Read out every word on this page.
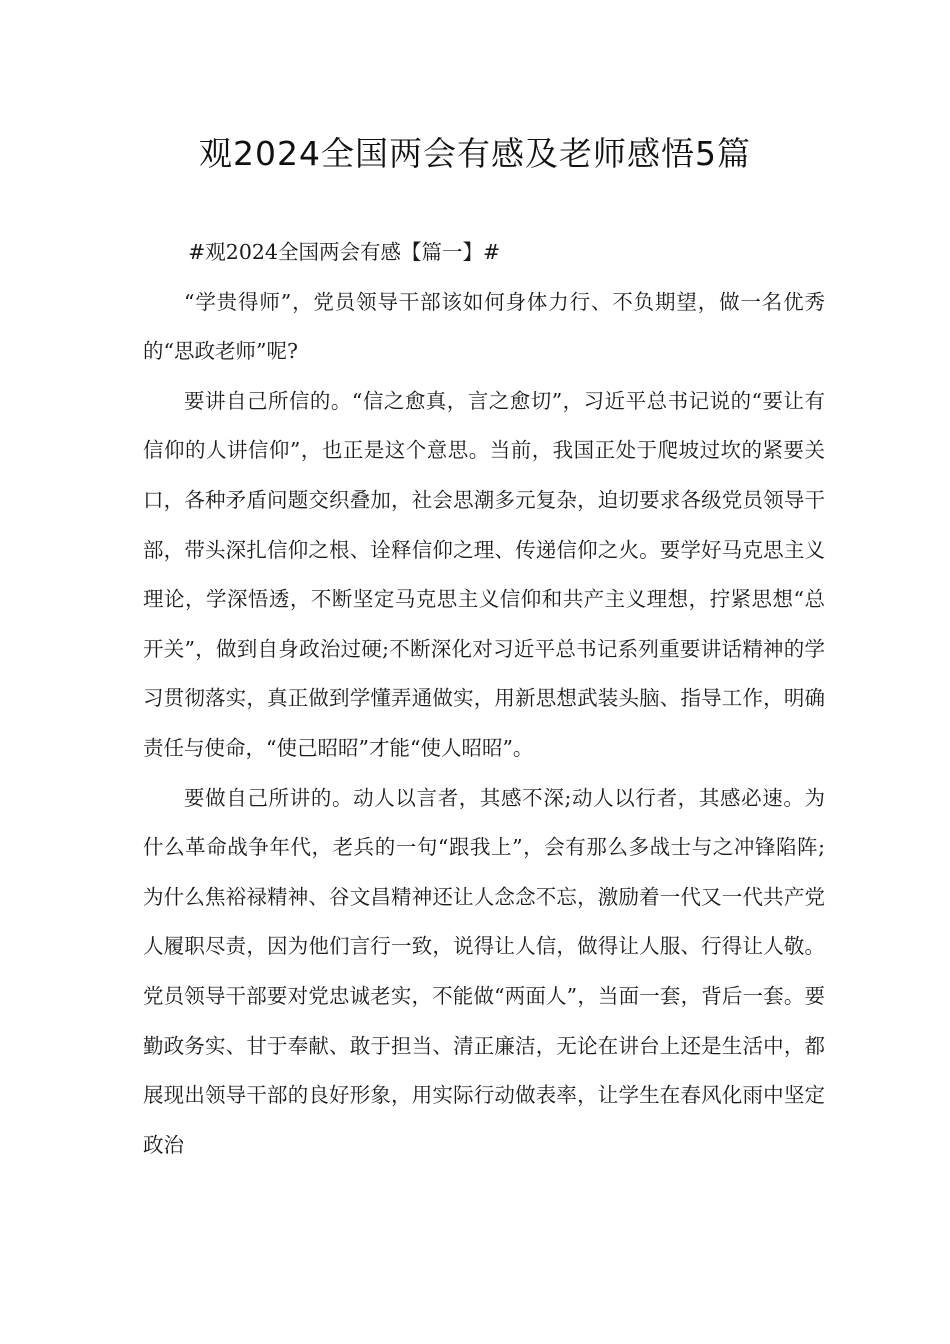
观2024全国两会有感及老师感悟5篇

#观2024全国两会有感【篇一】#

“学贵得师”，党员领导干部该如何身体力行、不负期望，做一名优秀的“思政老师”呢?

要讲自己所信的。“信之愈真，言之愈切”，习近平总书记说的“要让有信仰的人讲信仰”，也正是这个意思。当前，我国正处于爬坡过坎的紧要关口，各种矛盾问题交织叠加，社会思潮多元复杂，迫切要求各级党员领导干部，带头深扎信仰之根、诠释信仰之理、传递信仰之火。要学好马克思主义理论，学深悟透，不断坚定马克思主义信仰和共产主义理想，拧紧思想“总开关”，做到自身政治过硬;不断深化对习近平总书记系列重要讲话精神的学习贯彻落实，真正做到学懂弄通做实，用新思想武装头脑、指导工作，明确责任与使命，“使己昭昭”才能“使人昭昭”。

要做自己所讲的。动人以言者，其感不深;动人以行者，其感必速。为什么革命战争年代，老兵的一句“跟我上”，会有那么多战士与之冲锋陷阵;为什么焦裕禄精神、谷文昌精神还让人念念不忘，激励着一代又一代共产党人履职尽责，因为他们言行一致，说得让人信，做得让人服、行得让人敬。党员领导干部要对党忠诚老实，不能做“两面人”，当面一套，背后一套。要勤政务实、甘于奉献、敢于担当、清正廉洁，无论在讲台上还是生活中，都展现出领导干部的良好形象，用实际行动做表率，让学生在春风化雨中坚定政治
